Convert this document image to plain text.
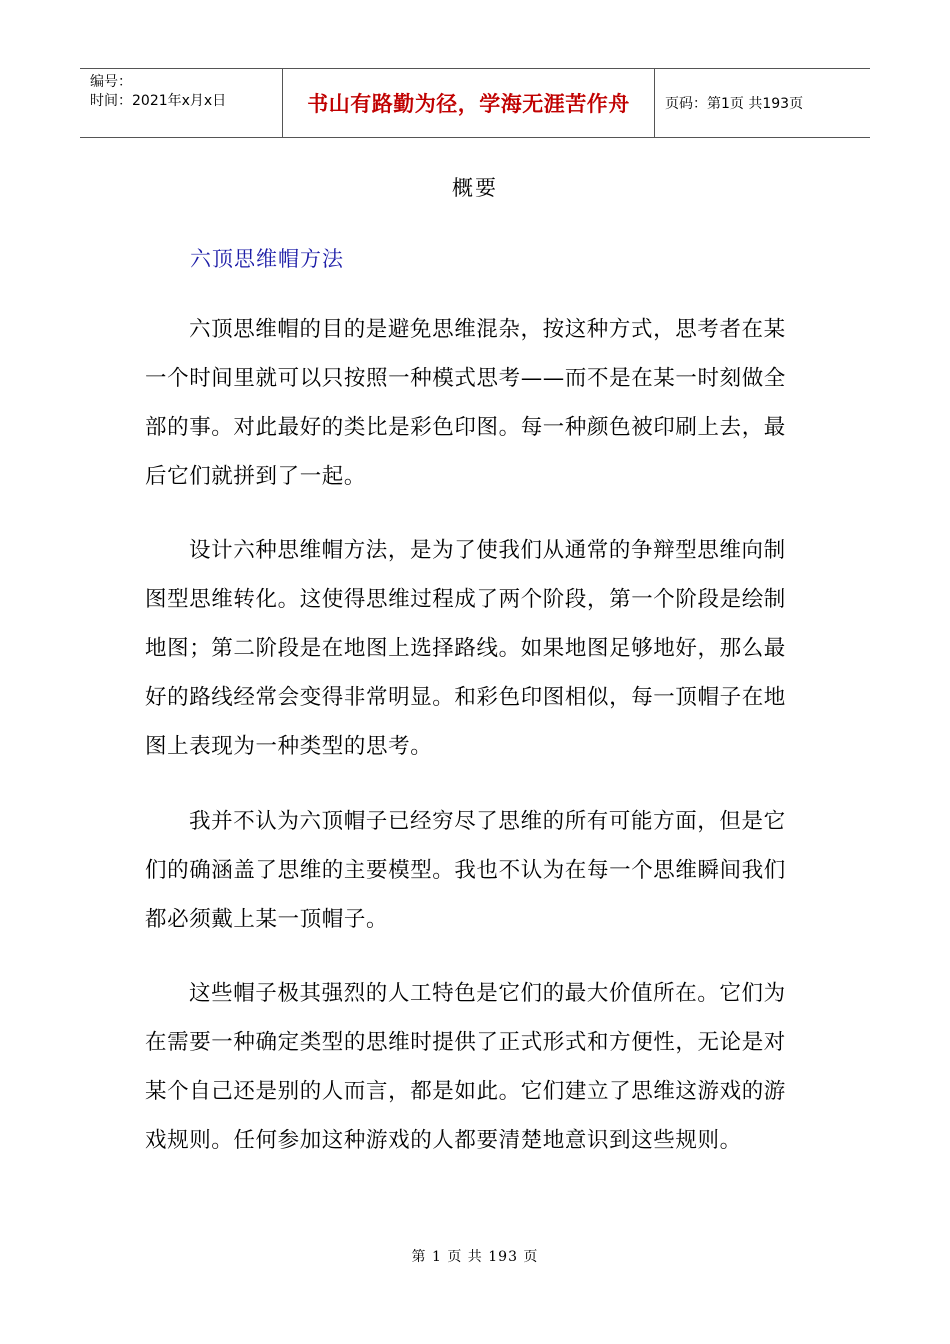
编号：
时间：2021年x月x日	书山有路勤为径，学海无涯苦作舟	页码：第1页 共193页
概要
六顶思维帽方法
六顶思维帽的目的是避免思维混杂，按这种方式，思考者在某
一个时间里就可以只按照一种模式思考——而不是在某一时刻做全
部的事。对此最好的类比是彩色印图。每一种颜色被印刷上去，最
后它们就拼到了一起。
设计六种思维帽方法，是为了使我们从通常的争辩型思维向制
图型思维转化。这使得思维过程成了两个阶段，第一个阶段是绘制
地图；第二阶段是在地图上选择路线。如果地图足够地好，那么最
好的路线经常会变得非常明显。和彩色印图相似，每一顶帽子在地
图上表现为一种类型的思考。
我并不认为六顶帽子已经穷尽了思维的所有可能方面，但是它
们的确涵盖了思维的主要模型。我也不认为在每一个思维瞬间我们
都必须戴上某一顶帽子。
这些帽子极其强烈的人工特色是它们的最大价值所在。它们为
在需要一种确定类型的思维时提供了正式形式和方便性，无论是对
某个自己还是别的人而言，都是如此。它们建立了思维这游戏的游
戏规则。任何参加这种游戏的人都要清楚地意识到这些规则。
第 1 页 共 193 页
